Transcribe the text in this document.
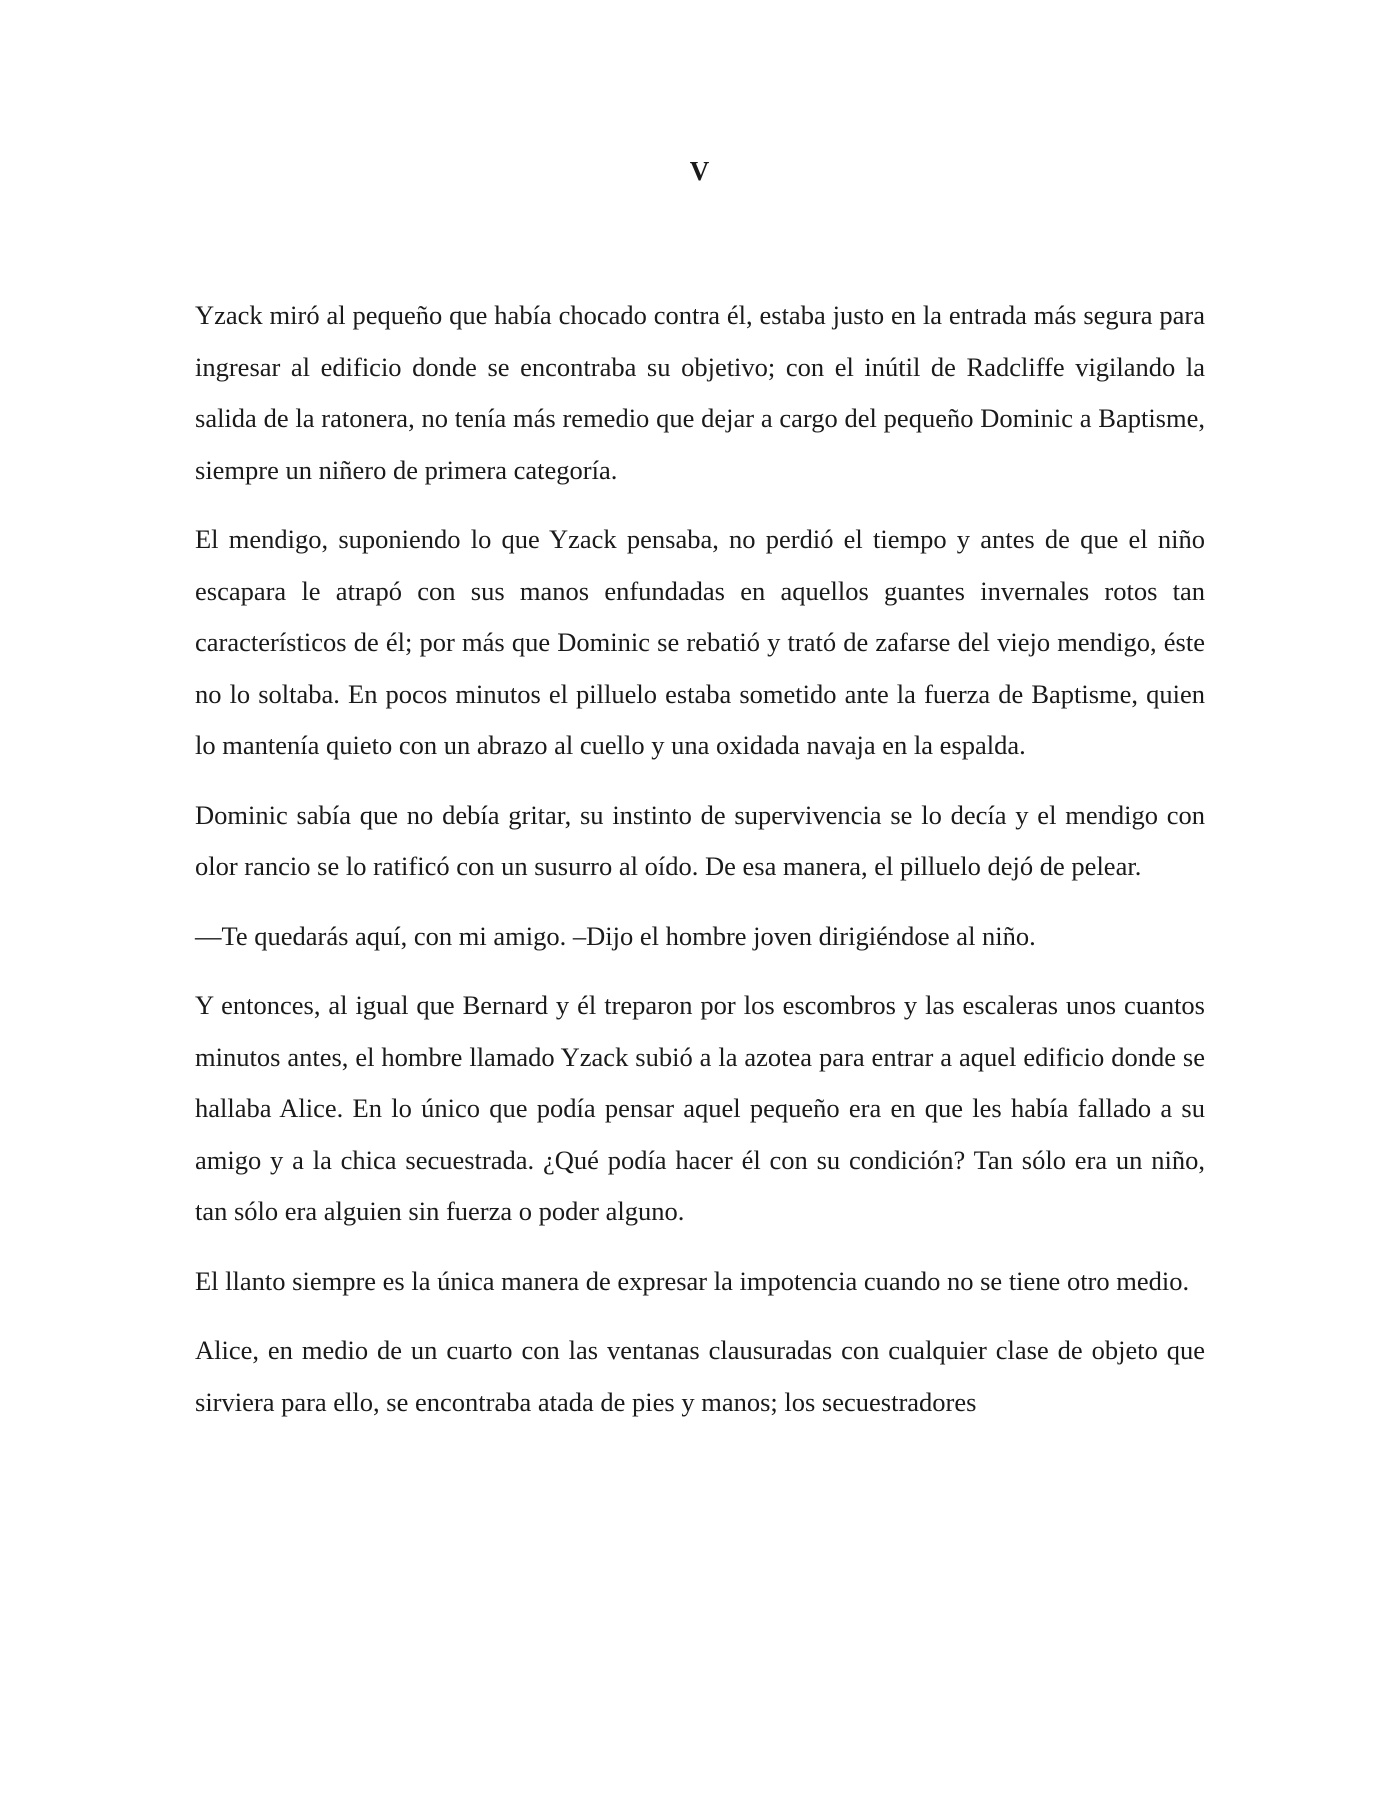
V

Yzack miró al pequeño que había chocado contra él, estaba justo en la entrada más segura para ingresar al edificio donde se encontraba su objetivo; con el inútil de Radcliffe vigilando la salida de la ratonera, no tenía más remedio que dejar a cargo del pequeño Dominic a Baptisme, siempre un niñero de primera categoría.

El mendigo, suponiendo lo que Yzack pensaba, no perdió el tiempo y antes de que el niño escapara le atrapó con sus manos enfundadas en aquellos guantes invernales rotos tan característicos de él; por más que Dominic se rebatió y trató de zafarse del viejo mendigo, éste no lo soltaba. En pocos minutos el pilluelo estaba sometido ante la fuerza de Baptisme, quien lo mantenía quieto con un abrazo al cuello y una oxidada navaja en la espalda.

Dominic sabía que no debía gritar, su instinto de supervivencia se lo decía y el mendigo con olor rancio se lo ratificó con un susurro al oído. De esa manera, el pilluelo dejó de pelear.

—Te quedarás aquí, con mi amigo. –Dijo el hombre joven dirigiéndose al niño.

Y entonces, al igual que Bernard y él treparon por los escombros y las escaleras unos cuantos minutos antes, el hombre llamado Yzack subió a la azotea para entrar a aquel edificio donde se hallaba Alice. En lo único que podía pensar aquel pequeño era en que les había fallado a su amigo y a la chica secuestrada. ¿Qué podía hacer él con su condición? Tan sólo era un niño, tan sólo era alguien sin fuerza o poder alguno.

El llanto siempre es la única manera de expresar la impotencia cuando no se tiene otro medio.

Alice, en medio de un cuarto con las ventanas clausuradas con cualquier clase de objeto que sirviera para ello, se encontraba atada de pies y manos; los secuestradores
